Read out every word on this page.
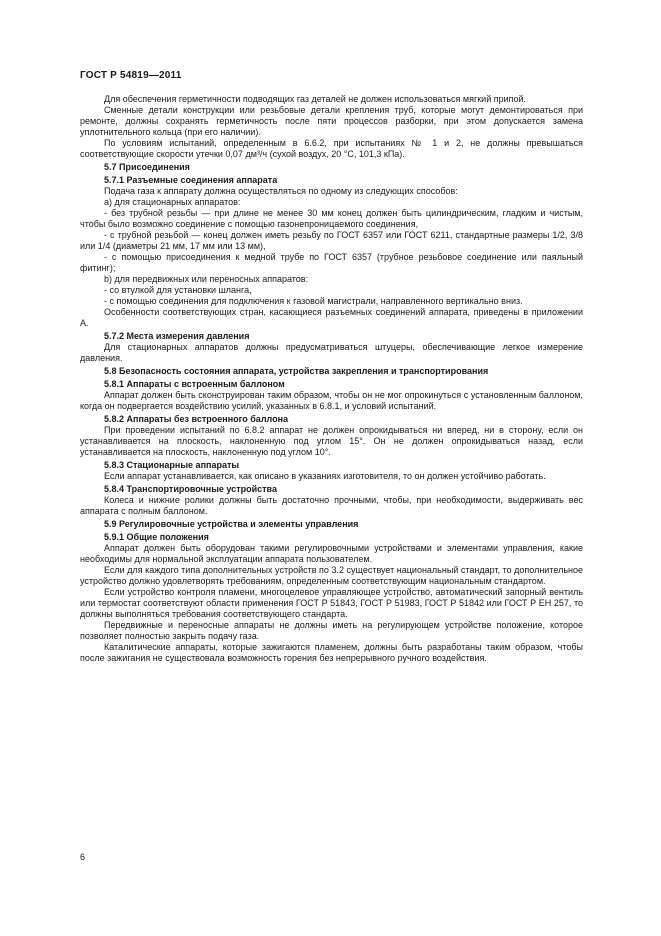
ГОСТ Р 54819—2011

Для обеспечения герметичности подводящих газ деталей не должен использоваться мягкий припой.

Сменные детали конструкции или резьбовые детали крепления труб, которые могут демонтироваться при ремонте, должны сохранять герметичность после пяти процессов разборки, при этом допускается замена уплотнительного кольца (при его наличии).

По условиям испытаний, определенным в 6.6.2, при испытаниях № 1 и 2, не должны превышаться соответствующие скорости утечки 0,07 дм³/ч (сухой воздух, 20 °C, 101,3 кПа).

5.7 Присоединения

5.7.1 Разъемные соединения аппарата

Подача газа к аппарату должна осуществляться по одному из следующих способов:

а) для стационарных аппаратов:

- без трубной резьбы — при длине не менее 30 мм конец должен быть цилиндрическим, гладким и чистым, чтобы было возможно соединение с помощью газонепроницаемого соединения,

- с трубной резьбой — конец должен иметь резьбу по ГОСТ 6357 или ГОСТ 6211, стандартные размеры 1/2, 3/8 или 1/4 (диаметры 21 мм, 17 мм или 13 мм),

- с помощью присоединения к медной трубе по ГОСТ 6357 (трубное резьбовое соединение или паяльный фитинг);

b) для передвижных или переносных аппаратов:

- со втулкой для установки шланга,

- с помощью соединения для подключения к газовой магистрали, направленного вертикально вниз.

Особенности соответствующих стран, касающиеся разъемных соединений аппарата, приведены в приложении А.

5.7.2 Места измерения давления

Для стационарных аппаратов должны предусматриваться штуцеры, обеспечивающие легкое измерение давления.

5.8 Безопасность состояния аппарата, устройства закрепления и транспортирования

5.8.1 Аппараты с встроенным баллоном

Аппарат должен быть сконструирован таким образом, чтобы он не мог опрокинуться с установленным баллоном, когда он подвергается воздействию усилий, указанных в 6.8.1, и условий испытаний.

5.8.2 Аппараты без встроенного баллона

При проведении испытаний по 6.8.2 аппарат не должен опрокидываться ни вперед, ни в сторону, если он устанавливается на плоскость, наклоненную под углом 15°. Он не должен опрокидываться назад, если устанавливается на плоскость, наклоненную под углом 10°.

5.8.3 Стационарные аппараты

Если аппарат устанавливается, как описано в указаниях изготовителя, то он должен устойчиво работать.

5.8.4 Транспортировочные устройства

Колеса и нижние ролики должны быть достаточно прочными, чтобы, при необходимости, выдерживать вес аппарата с полным баллоном.

5.9 Регулировочные устройства и элементы управления

5.9.1 Общие положения

Аппарат должен быть оборудован такими регулировочными устройствами и элементами управления, какие необходимы для нормальной эксплуатации аппарата пользователем.

Если для каждого типа дополнительных устройств по 3.2 существует национальный стандарт, то дополнительное устройство должно удовлетворять требованиям, определенным соответствующим национальным стандартом.

Если устройство контроля пламени, многоцелевое управляющее устройство, автоматический запорный вентиль или термостат соответствуют области применения ГОСТ Р 51843, ГОСТ Р 51983, ГОСТ Р 51842 или ГОСТ Р ЕН 257, то должны выполняться требования соответствующего стандарта.

Передвижные и переносные аппараты не должны иметь на регулирующем устройстве положение, которое позволяет полностью закрыть подачу газа.

Каталитические аппараты, которые зажигаются пламенем, должны быть разработаны таким образом, чтобы после зажигания не существовала возможность горения без непрерывного ручного воздействия.

6
